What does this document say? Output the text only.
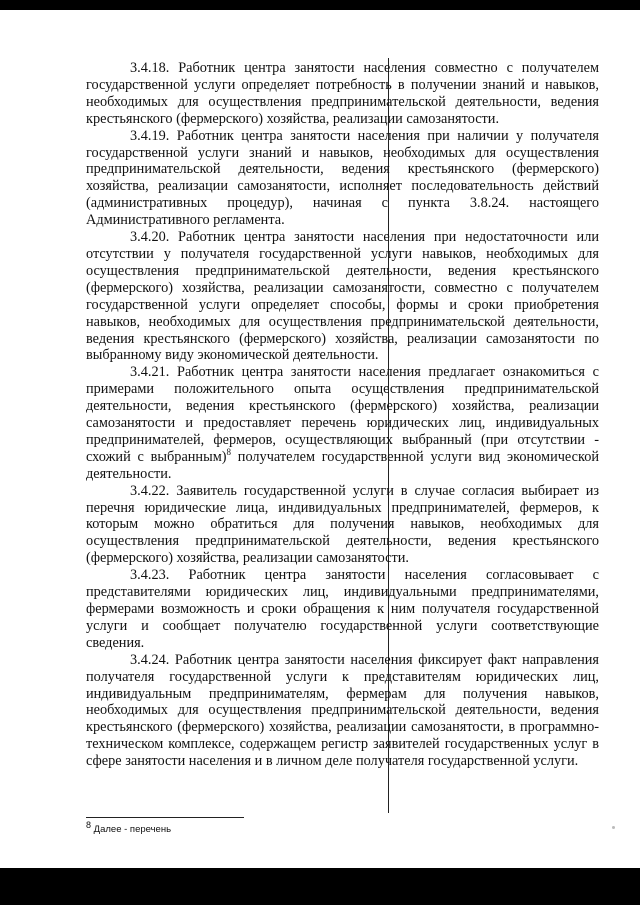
3.4.18. Работник центра занятости населения совместно с получателем государственной услуги определяет потребность в получении знаний и навыков, необходимых для осуществления предпринимательской деятельности, ведения крестьянского (фермерского) хозяйства, реализации самозанятости.

3.4.19. Работник центра занятости населения при наличии у получателя государственной услуги знаний и навыков, необходимых для осуществления предпринимательской деятельности, ведения крестьянского (фермерского) хозяйства, реализации самозанятости, исполняет последовательность действий (административных процедур), начиная с пункта 3.8.24. настоящего Административного регламента.

3.4.20. Работник центра занятости населения при недостаточности или отсутствии у получателя государственной услуги навыков, необходимых для осуществления предпринимательской деятельности, ведения крестьянского (фермерского) хозяйства, реализации самозанятости, совместно с получателем государственной услуги определяет способы, формы и сроки приобретения навыков, необходимых для осуществления предпринимательской деятельности, ведения крестьянского (фермерского) хозяйства, реализации самозанятости по выбранному виду экономической деятельности.

3.4.21. Работник центра занятости населения предлагает ознакомиться с примерами положительного опыта осуществления предпринимательской деятельности, ведения крестьянского (фермерского) хозяйства, реализации самозанятости и предоставляет перечень юридических лиц, индивидуальных предпринимателей, фермеров, осуществляющих выбранный (при отсутствии - схожий с выбранным)$^8$ получателем государственной услуги вид экономической деятельности.

3.4.22. Заявитель государственной услуги в случае согласия выбирает из перечня юридические лица, индивидуальных предпринимателей, фермеров, к которым можно обратиться для получения навыков, необходимых для осуществления предпринимательской деятельности, ведения крестьянского (фермерского) хозяйства, реализации самозанятости.

3.4.23. Работник центра занятости населения согласовывает с представителями юридических лиц, индивидуальными предпринимателями, фермерами возможность и сроки обращения к ним получателя государственной услуги и сообщает получателю государственной услуги соответствующие сведения.

3.4.24. Работник центра занятости населения фиксирует факт направления получателя государственной услуги к представителям юридических лиц, индивидуальным предпринимателям, фермерам для получения навыков, необходимых для осуществления предпринимательской деятельности, ведения крестьянского (фермерского) хозяйства, реализации самозанятости, в программно-техническом комплексе, содержащем регистр заявителей государственных услуг в сфере занятости населения и в личном деле получателя государственной услуги.

$^8$ Далее - перечень
